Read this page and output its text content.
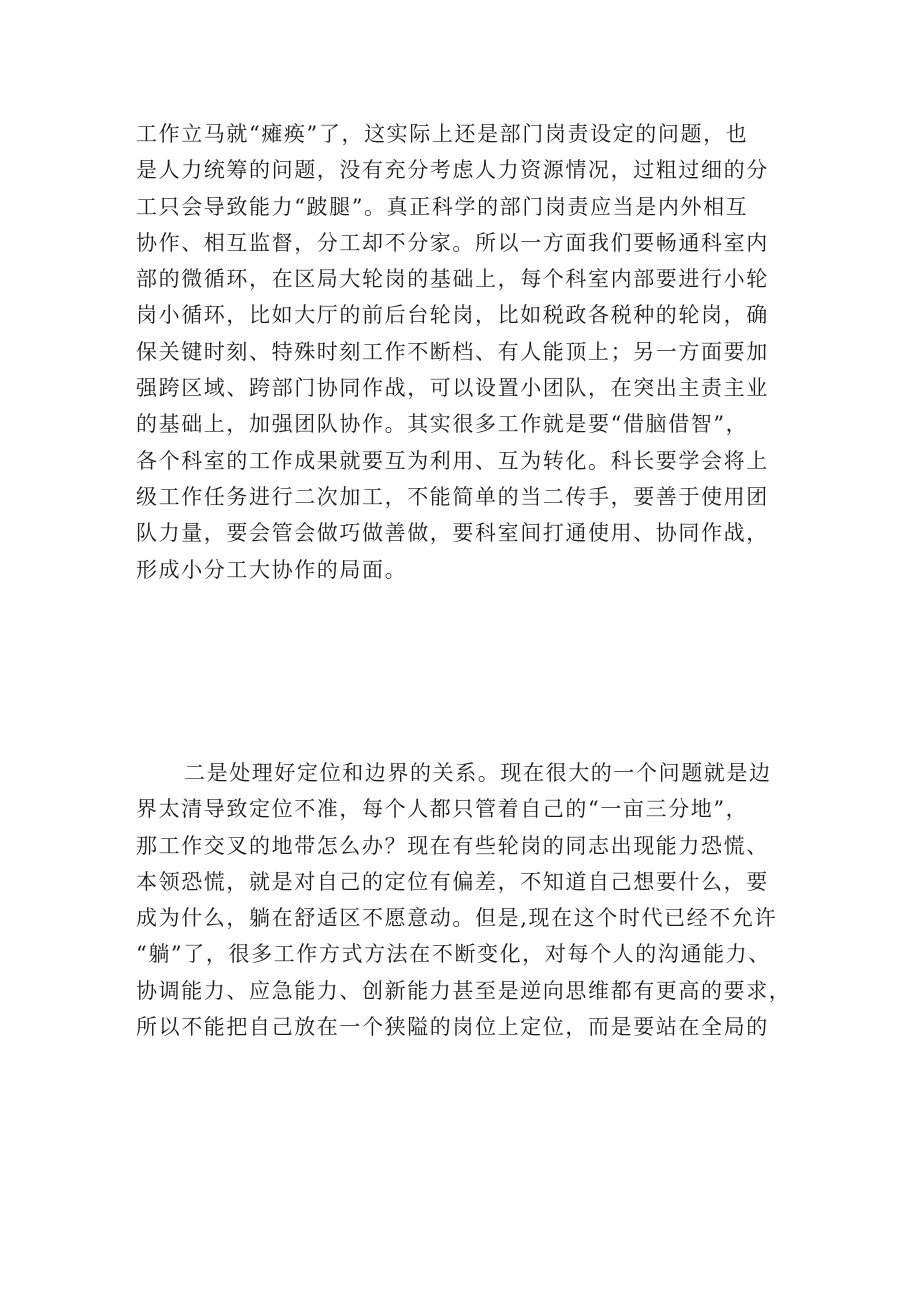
工作立马就“瘫痪”了，这实际上还是部门岗责设定的问题，也
是人力统筹的问题，没有充分考虑人力资源情况，过粗过细的分
工只会导致能力“跛腿”。真正科学的部门岗责应当是内外相互
协作、相互监督，分工却不分家。所以一方面我们要畅通科室内
部的微循环，在区局大轮岗的基础上，每个科室内部要进行小轮
岗小循环，比如大厅的前后台轮岗，比如税政各税种的轮岗，确
保关键时刻、特殊时刻工作不断档、有人能顶上；另一方面要加
强跨区域、跨部门协同作战，可以设置小团队，在突出主责主业
的基础上，加强团队协作。其实很多工作就是要“借脑借智”，
各个科室的工作成果就要互为利用、互为转化。科长要学会将上
级工作任务进行二次加工，不能简单的当二传手，要善于使用团
队力量，要会管会做巧做善做，要科室间打通使用、协同作战，
形成小分工大协作的局面。
二是处理好定位和边界的关系。现在很大的一个问题就是边
界太清导致定位不准，每个人都只管着自己的“一亩三分地”，
那工作交叉的地带怎么办？现在有些轮岗的同志出现能力恐慌、
本领恐慌，就是对自己的定位有偏差，不知道自己想要什么，要
成为什么，躺在舒适区不愿意动。但是,现在这个时代已经不允许
“躺”了，很多工作方式方法在不断变化，对每个人的沟通能力、
协调能力、应急能力、创新能力甚至是逆向思维都有更高的要求，
所以不能把自己放在一个狭隘的岗位上定位，而是要站在全局的
